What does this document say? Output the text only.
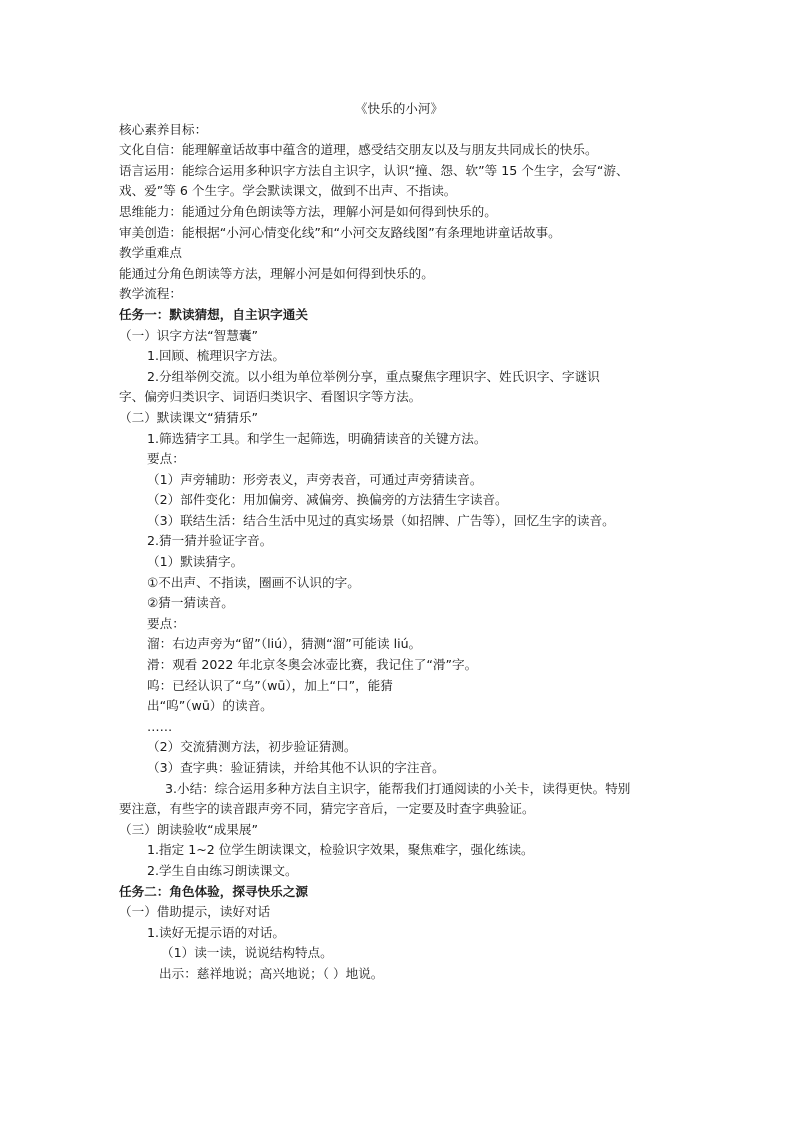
《快乐的小河》

核心素养目标：

文化自信：能理解童话故事中蕴含的道理，感受结交朋友以及与朋友共同成长的快乐。

语言运用：能综合运用多种识字方法自主识字，认识“撞、怨、软”等 15 个生字，会写“游、

戏、爱”等 6 个生字。学会默读课文，做到不出声、不指读。

思维能力：能通过分角色朗读等方法，理解小河是如何得到快乐的。

审美创造：能根据“小河心情变化线”和“小河交友路线图”有条理地讲童话故事。

教学重难点

能通过分角色朗读等方法，理解小河是如何得到快乐的。

教学流程：

任务一：默读猜想，自主识字通关

（一）识字方法“智慧囊”

1.回顾、梳理识字方法。

2.分组举例交流。以小组为单位举例分享，重点聚焦字理识字、姓氏识字、字谜识

字、偏旁归类识字、词语归类识字、看图识字等方法。

（二）默读课文“猜猜乐”

1.筛选猜字工具。和学生一起筛选，明确猜读音的关键方法。

要点：

（1）声旁辅助：形旁表义，声旁表音，可通过声旁猜读音。

（2）部件变化：用加偏旁、减偏旁、换偏旁的方法猜生字读音。

（3）联结生活：结合生活中见过的真实场景（如招牌、广告等），回忆生字的读音。

2.猜一猜并验证字音。

（1）默读猜字。

①不出声、不指读，圈画不认识的字。

②猜一猜读音。

要点：

溜：右边声旁为“留”（liú），猜测“溜”可能读 liú。

滑：观看 2022 年北京冬奥会冰壶比赛，我记住了“滑”字。

呜：已经认识了“乌”（wū），加上“口”，能猜

出“呜”（wū）的读音。

……

（2）交流猜测方法，初步验证猜测。

（3）查字典：验证猜读，并给其他不认识的字注音。

3.小结：综合运用多种方法自主识字，能帮我们打通阅读的小关卡，读得更快。特别

要注意，有些字的读音跟声旁不同，猜完字音后，一定要及时查字典验证。

（三）朗读验收“成果展”

1.指定 1~2 位学生朗读课文，检验识字效果，聚焦难字，强化练读。

2.学生自由练习朗读课文。

任务二：角色体验，探寻快乐之源

（一）借助提示，读好对话

1.读好无提示语的对话。

（1）读一读，说说结构特点。

出示：慈祥地说；高兴地说；（ ）地说。
